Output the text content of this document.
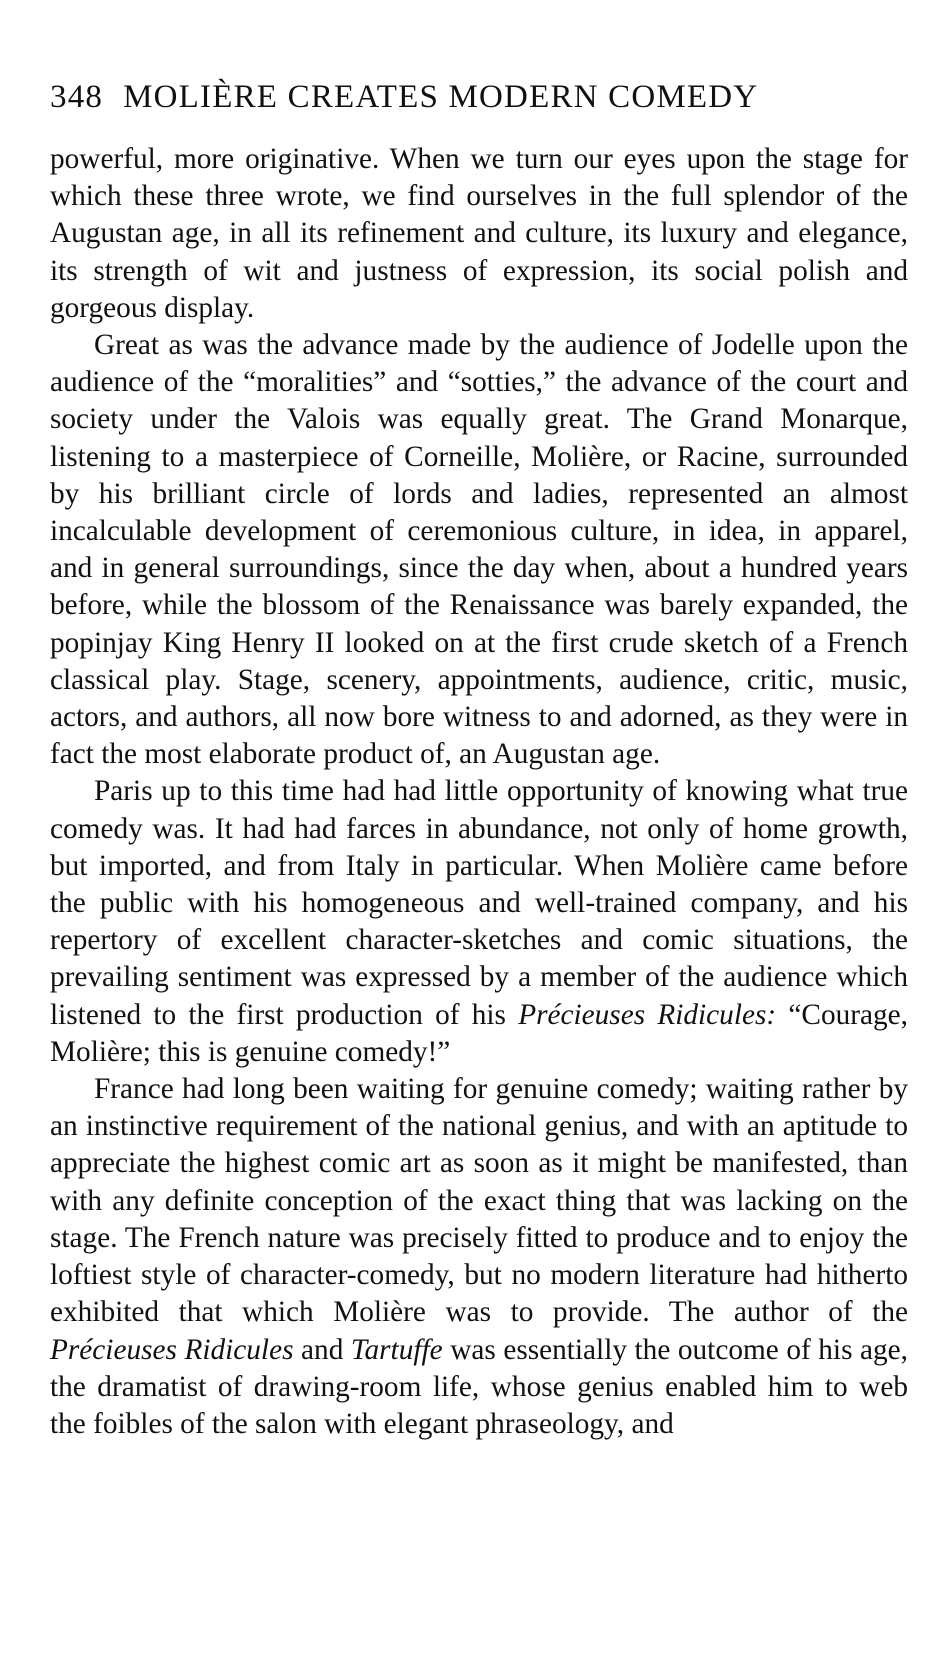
348 MOLIÈRE CREATES MODERN COMEDY

powerful, more originative. When we turn our eyes upon the stage for which these three wrote, we find ourselves in the full splendor of the Augustan age, in all its refinement and culture, its luxury and elegance, its strength of wit and justness of expression, its social polish and gorgeous display.

Great as was the advance made by the audience of Jodelle upon the audience of the “moralities” and “sotties,” the advance of the court and society under the Valois was equally great. The Grand Monarque, listening to a masterpiece of Corneille, Molière, or Racine, surrounded by his brilliant circle of lords and ladies, represented an almost incalculable development of ceremonious culture, in idea, in apparel, and in general surroundings, since the day when, about a hundred years before, while the blossom of the Renaissance was barely expanded, the popinjay King Henry II looked on at the first crude sketch of a French classical play. Stage, scenery, appointments, audience, critic, music, actors, and authors, all now bore witness to and adorned, as they were in fact the most elaborate product of, an Augustan age.

Paris up to this time had had little opportunity of knowing what true comedy was. It had had farces in abundance, not only of home growth, but imported, and from Italy in particular. When Molière came before the public with his homogeneous and well-trained company, and his repertory of excellent character-sketches and comic situations, the prevailing sentiment was expressed by a member of the audience which listened to the first production of his Précieuses Ridicules: “Courage, Molière; this is genuine comedy!”

France had long been waiting for genuine comedy; waiting rather by an instinctive requirement of the national genius, and with an aptitude to appreciate the highest comic art as soon as it might be manifested, than with any definite conception of the exact thing that was lacking on the stage. The French nature was precisely fitted to produce and to enjoy the loftiest style of character-comedy, but no modern literature had hitherto exhibited that which Molière was to provide. The author of the Précieuses Ridicules and Tartuffe was essentially the outcome of his age, the dramatist of drawing-room life, whose genius enabled him to web the foibles of the salon with elegant phraseology, and
